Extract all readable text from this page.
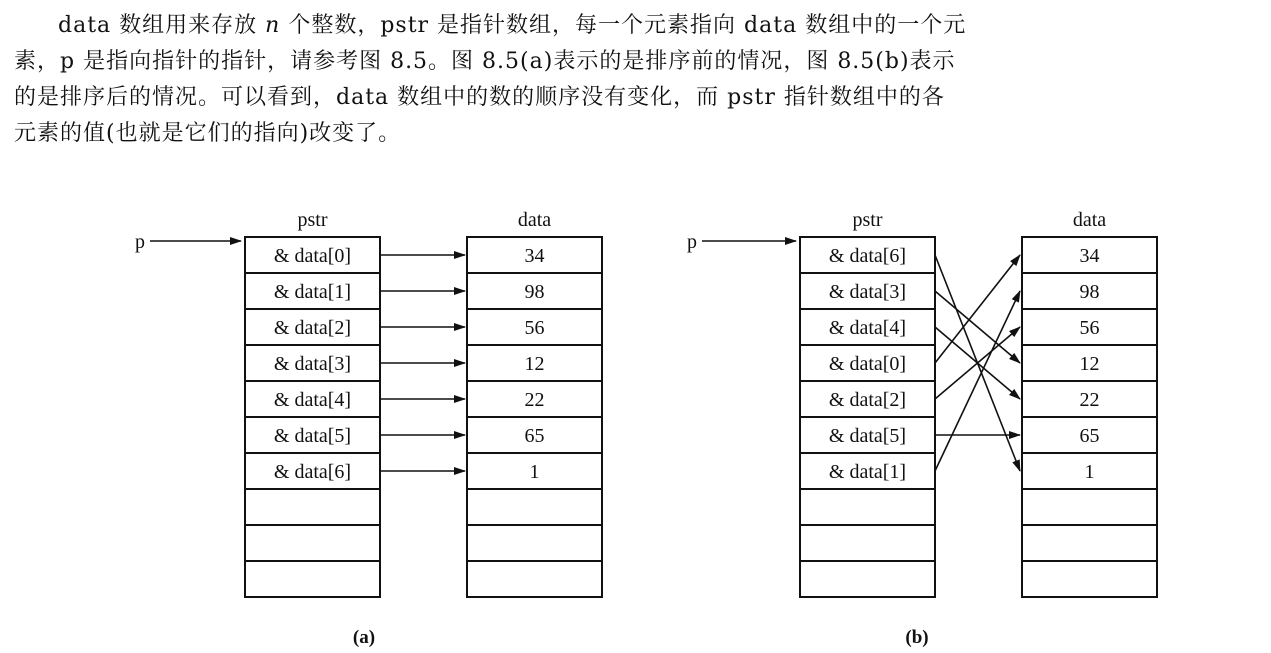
data 数组用来存放 n 个整数，pstr 是指针数组，每一个元素指向 data 数组中的一个元
素，p 是指向指针的指针，请参考图 8.5。图 8.5(a)表示的是排序前的情况，图 8.5(b)表示
的是排序后的情况。可以看到，data 数组中的数的顺序没有变化，而 pstr 指针数组中的各
元素的值(也就是它们的指向)改变了。
pstr	data
p
& data[0]	34
& data[1]	98
& data[2]	56
& data[3]	12
& data[4]	22
& data[5]	65
& data[6]	1
(a)
pstr	data
p
& data[6]	34
& data[3]	98
& data[4]	56
& data[0]	12
& data[2]	22
& data[5]	65
& data[1]	1
(b)
